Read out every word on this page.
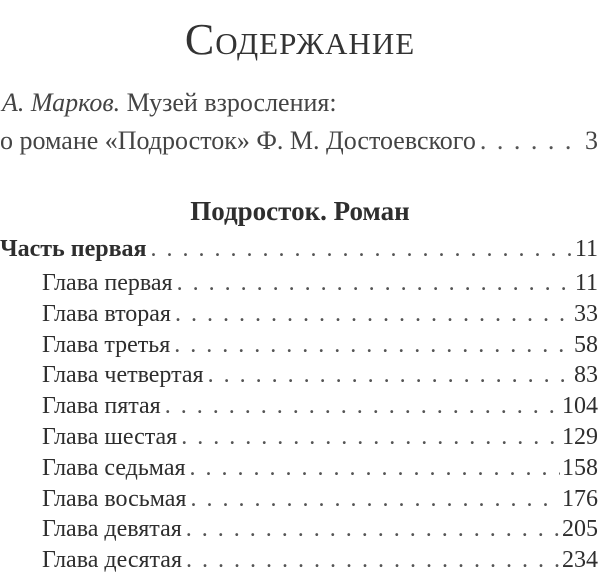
Содержание
А. Марков. Музей взросления:
о романе «Подросток» Ф. М. Достоевского . . .	3
Подросток. Роман
Часть первая . . .	11
Глава первая . . .	11
Глава вторая . . .	33
Глава третья . . .	58
Глава четвертая . . .	83
Глава пятая . . .	104
Глава шестая . . .	129
Глава седьмая . . .	158
Глава восьмая . . .	176
Глава девятая . . .	205
Глава десятая . . .	234
